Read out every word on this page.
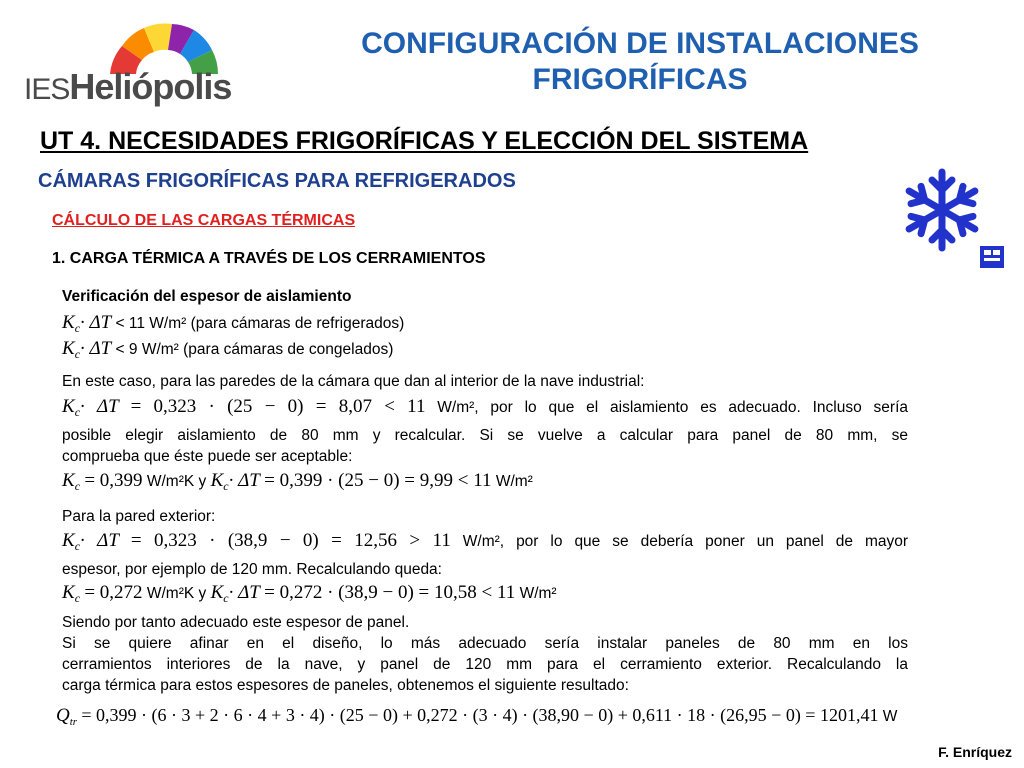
IESHeliópolis
CONFIGURACIÓN DE INSTALACIONES
FRIGORÍFICAS
UT 4. NECESIDADES FRIGORÍFICAS Y ELECCIÓN DEL SISTEMA
CÁMARAS FRIGORÍFICAS PARA REFRIGERADOS
CÁLCULO DE LAS CARGAS TÉRMICAS
1. CARGA TÉRMICA A TRAVÉS DE LOS CERRAMIENTOS
Verificación del espesor de aislamiento
$K_c\cdot \Delta T < 11$ W/m² (para cámaras de refrigerados)
$K_c\cdot \Delta T < 9$ W/m² (para cámaras de congelados)
En este caso, para las paredes de la cámara que dan al interior de la nave industrial:
$K_c\cdot \Delta T = 0,323 \cdot (25 - 0) = 8,07 < 11$ W/m², por lo que el aislamiento es adecuado. Incluso sería
posible elegir aislamiento de 80 mm y recalcular. Si se vuelve a calcular para panel de 80 mm, se
comprueba que éste puede ser aceptable:
$K_c = 0,399$ W/m²K y $K_c\cdot \Delta T = 0,399 \cdot (25 - 0) = 9,99 < 11$ W/m²
Para la pared exterior:
$K_c\cdot \Delta T = 0,323 \cdot (38,9 - 0) = 12,56 > 11$ W/m², por lo que se debería poner un panel de mayor
espesor, por ejemplo de 120 mm. Recalculando queda:
$K_c = 0,272$ W/m²K y $K_c\cdot \Delta T = 0,272 \cdot (38,9 - 0) = 10,58 < 11$ W/m²
Siendo por tanto adecuado este espesor de panel.
Si se quiere afinar en el diseño, lo más adecuado sería instalar paneles de 80 mm en los
cerramientos interiores de la nave, y panel de 120 mm para el cerramiento exterior. Recalculando la
carga térmica para estos espesores de paneles, obtenemos el siguiente resultado:
$Q_{tr} = 0,399 \cdot (6 \cdot 3 + 2 \cdot 6 \cdot 4 + 3 \cdot 4) \cdot (25 - 0) + 0,272 \cdot (3 \cdot 4) \cdot (38,90 - 0) + 0,611 \cdot 18 \cdot (26,95 - 0) = 1201,41$ W
F. Enríquez
